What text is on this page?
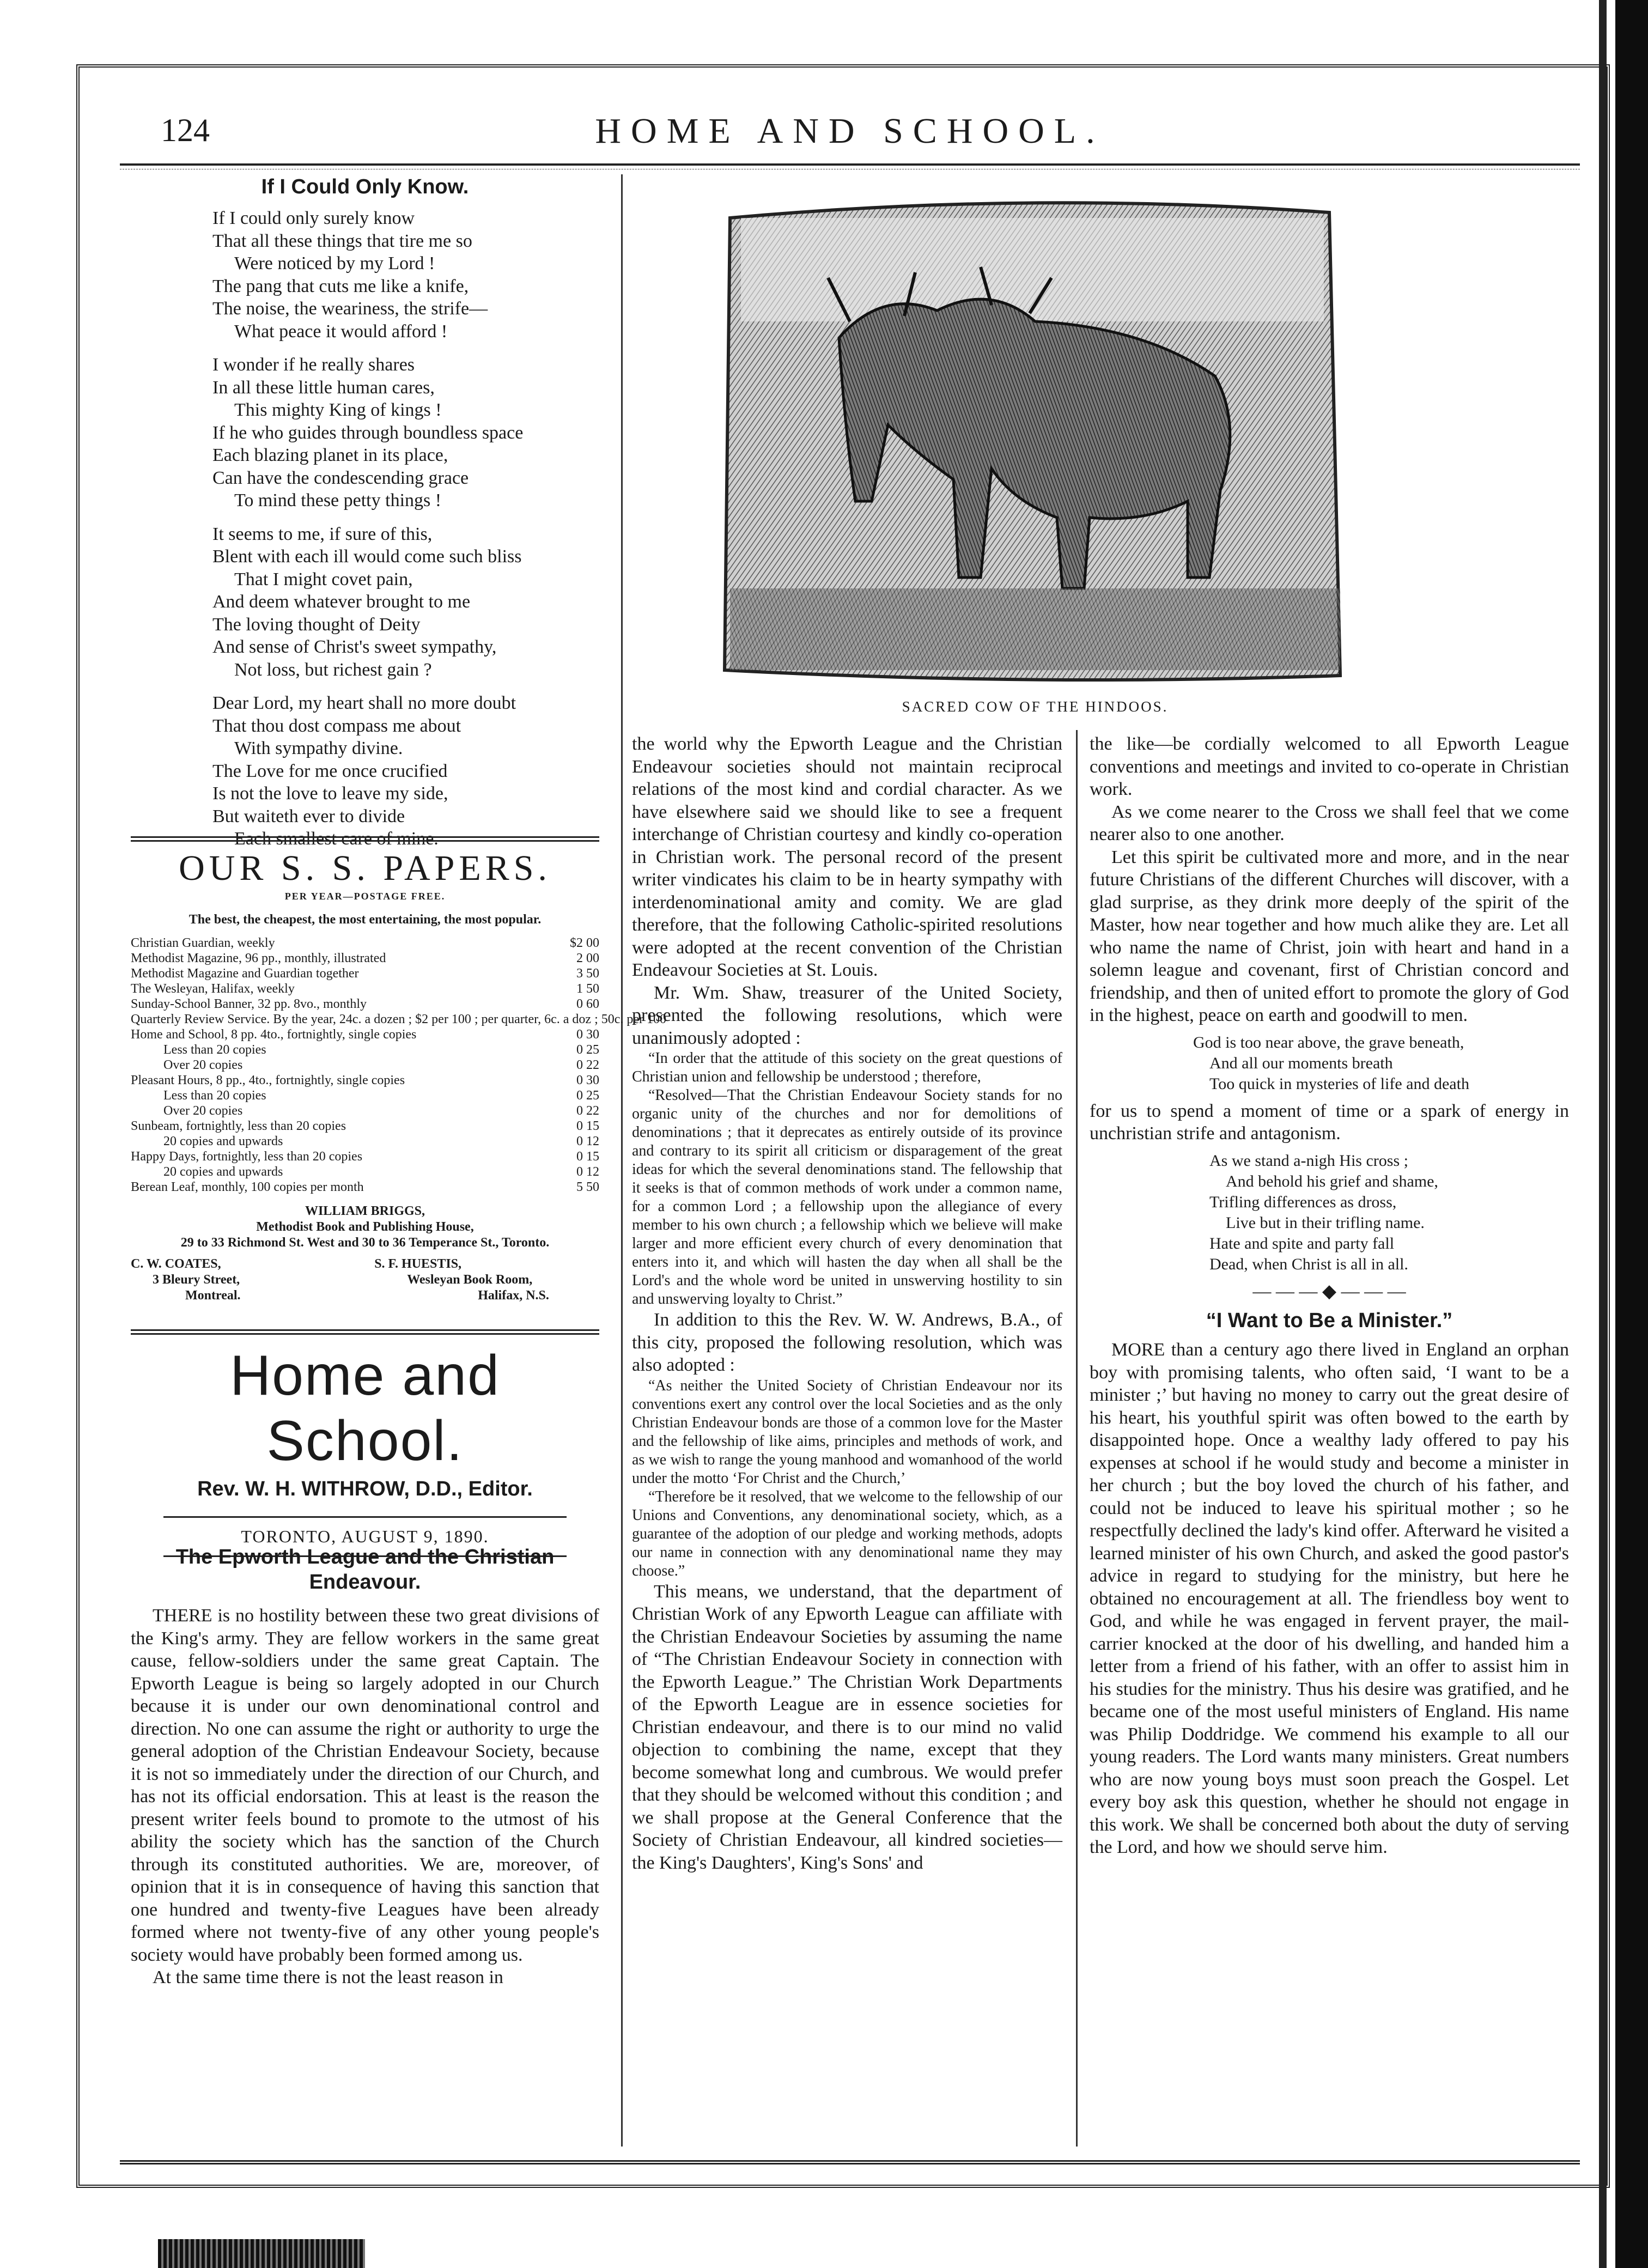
124	HOME AND SCHOOL.
If I Could Only Know.

If I could only surely know

That all these things that tire me so

Were noticed by my Lord !

The pang that cuts me like a knife,

The noise, the weariness, the strife—

What peace it would afford !

I wonder if he really shares

In all these little human cares,

This mighty King of kings !

If he who guides through boundless space

Each blazing planet in its place,

Can have the condescending grace

To mind these petty things !

It seems to me, if sure of this,

Blent with each ill would come such bliss

That I might covet pain,

And deem whatever brought to me

The loving thought of Deity

And sense of Christ's sweet sympathy,

Not loss, but richest gain ?

Dear Lord, my heart shall no more doubt

That thou dost compass me about

With sympathy divine.

The Love for me once crucified

Is not the love to leave my side,

But waiteth ever to divide

Each smallest care of mine.

OUR S. S. PAPERS.
PER YEAR—POSTAGE FREE.
The best, the cheapest, the most entertaining, the most popular.
Christian Guardian, weekly	$2 00
Methodist Magazine, 96 pp., monthly, illustrated	2 00
Methodist Magazine and Guardian together	3 50
The Wesleyan, Halifax, weekly	1 50
Sunday-School Banner, 32 pp. 8vo., monthly	0 60
Quarterly Review Service. By the year, 24c. a dozen ; $2 per 100 ; per quarter, 6c. a doz ; 50c. per 100
Home and School, 8 pp. 4to., fortnightly, single copies	0 30
Less than 20 copies	0 25
Over 20 copies	0 22
Pleasant Hours, 8 pp., 4to., fortnightly, single copies	0 30
Less than 20 copies	0 25
Over 20 copies	0 22
Sunbeam, fortnightly, less than 20 copies	0 15
20 copies and upwards	0 12
Happy Days, fortnightly, less than 20 copies	0 15
20 copies and upwards	0 12
Berean Leaf, monthly, 100 copies per month	5 50
WILLIAM BRIGGS,
Methodist Book and Publishing House,
29 to 33 Richmond St. West and 30 to 36 Temperance St., Toronto.
C. W. COATES,
3 Bleury Street,
Montreal.
S. F. HUESTIS,
Wesleyan Book Room,
Halifax, N.S.
Home and School.
Rev. W. H. WITHROW, D.D., Editor.
TORONTO, AUGUST 9, 1890.
The Epworth League and the Christian Endeavour.

THERE is no hostility between these two great divisions of the King's army. They are fellow workers in the same great cause, fellow-soldiers under the same great Captain. The Epworth League is being so largely adopted in our Church because it is under our own denominational control and direction. No one can assume the right or authority to urge the general adoption of the Christian Endeavour Society, because it is not so immediately under the direction of our Church, and has not its official endorsation. This at least is the reason the present writer feels bound to promote to the utmost of his ability the society which has the sanction of the Church through its constituted authorities. We are, moreover, of opinion that it is in consequence of having this sanction that one hundred and twenty-five Leagues have been already formed where not twenty-five of any other young people's society would have probably been formed among us.

At the same time there is not the least reason in

SACRED COW OF THE HINDOOS.

the world why the Epworth League and the Christian Endeavour societies should not maintain reciprocal relations of the most kind and cordial character. As we have elsewhere said we should like to see a frequent interchange of Christian courtesy and kindly co-operation in Christian work. The personal record of the present writer vindicates his claim to be in hearty sympathy with interdenominational amity and comity. We are glad therefore, that the following Catholic-spirited resolutions were adopted at the recent convention of the Christian Endeavour Societies at St. Louis.

Mr. Wm. Shaw, treasurer of the United Society, presented the following resolutions, which were unanimously adopted :

“In order that the attitude of this society on the great questions of Christian union and fellowship be understood ; therefore,

“Resolved—That the Christian Endeavour Society stands for no organic unity of the churches and nor for demolitions of denominations ; that it deprecates as entirely outside of its province and contrary to its spirit all criticism or disparagement of the great ideas for which the several denominations stand. The fellowship that it seeks is that of common methods of work under a common name, for a common Lord ; a fellowship upon the allegiance of every member to his own church ; a fellowship which we believe will make larger and more efficient every church of every denomination that enters into it, and which will hasten the day when all shall be the Lord's and the whole word be united in unswerving hostility to sin and unswerving loyalty to Christ.”

In addition to this the Rev. W. W. Andrews, B.A., of this city, proposed the following resolution, which was also adopted :

“As neither the United Society of Christian Endeavour nor its conventions exert any control over the local Societies and as the only Christian Endeavour bonds are those of a common love for the Master and the fellowship of like aims, principles and methods of work, and as we wish to range the young manhood and womanhood of the world under the motto ‘For Christ and the Church,’

“Therefore be it resolved, that we welcome to the fellowship of our Unions and Conventions, any denominational society, which, as a guarantee of the adoption of our pledge and working methods, adopts our name in connection with any denominational name they may choose.”

This means, we understand, that the department of Christian Work of any Epworth League can affiliate with the Christian Endeavour Societies by assuming the name of “The Christian Endeavour Society in connection with the Epworth League.” The Christian Work Departments of the Epworth League are in essence societies for Christian endeavour, and there is to our mind no valid objection to combining the name, except that they become somewhat long and cumbrous. We would prefer that they should be welcomed without this condition ; and we shall propose at the General Conference that the Society of Christian Endeavour, all kindred societies—the King's Daughters', King's Sons' and

the like—be cordially welcomed to all Epworth League conventions and meetings and invited to co-operate in Christian work.

As we come nearer to the Cross we shall feel that we come nearer also to one another.

Let this spirit be cultivated more and more, and in the near future Christians of the different Churches will discover, with a glad surprise, as they drink more deeply of the spirit of the Master, how near together and how much alike they are. Let all who name the name of Christ, join with heart and hand in a solemn league and covenant, first of Christian concord and friendship, and then of united effort to promote the glory of God in the highest, peace on earth and goodwill to men.

God is too near above, the grave beneath,

And all our moments breath

Too quick in mysteries of life and death

for us to spend a moment of time or a spark of energy in unchristian strife and antagonism.

As we stand a-nigh His cross ;

And behold his grief and shame,

Trifling differences as dross,

Live but in their trifling name.

Hate and spite and party fall

Dead, when Christ is all in all.

— — — ◆ — — —
“I Want to Be a Minister.”

MORE than a century ago there lived in England an orphan boy with promising talents, who often said, ‘I want to be a minister ;’ but having no money to carry out the great desire of his heart, his youthful spirit was often bowed to the earth by disappointed hope. Once a wealthy lady offered to pay his expenses at school if he would study and become a minister in her church ; but the boy loved the church of his father, and could not be induced to leave his spiritual mother ; so he respectfully declined the lady's kind offer. Afterward he visited a learned minister of his own Church, and asked the good pastor's advice in regard to studying for the ministry, but here he obtained no encouragement at all. The friendless boy went to God, and while he was engaged in fervent prayer, the mail-carrier knocked at the door of his dwelling, and handed him a letter from a friend of his father, with an offer to assist him in his studies for the ministry. Thus his desire was gratified, and he became one of the most useful ministers of England. His name was Philip Doddridge. We commend his example to all our young readers. The Lord wants many ministers. Great numbers who are now young boys must soon preach the Gospel. Let every boy ask this question, whether he should not engage in this work. We shall be concerned both about the duty of serving the Lord, and how we should serve him.
